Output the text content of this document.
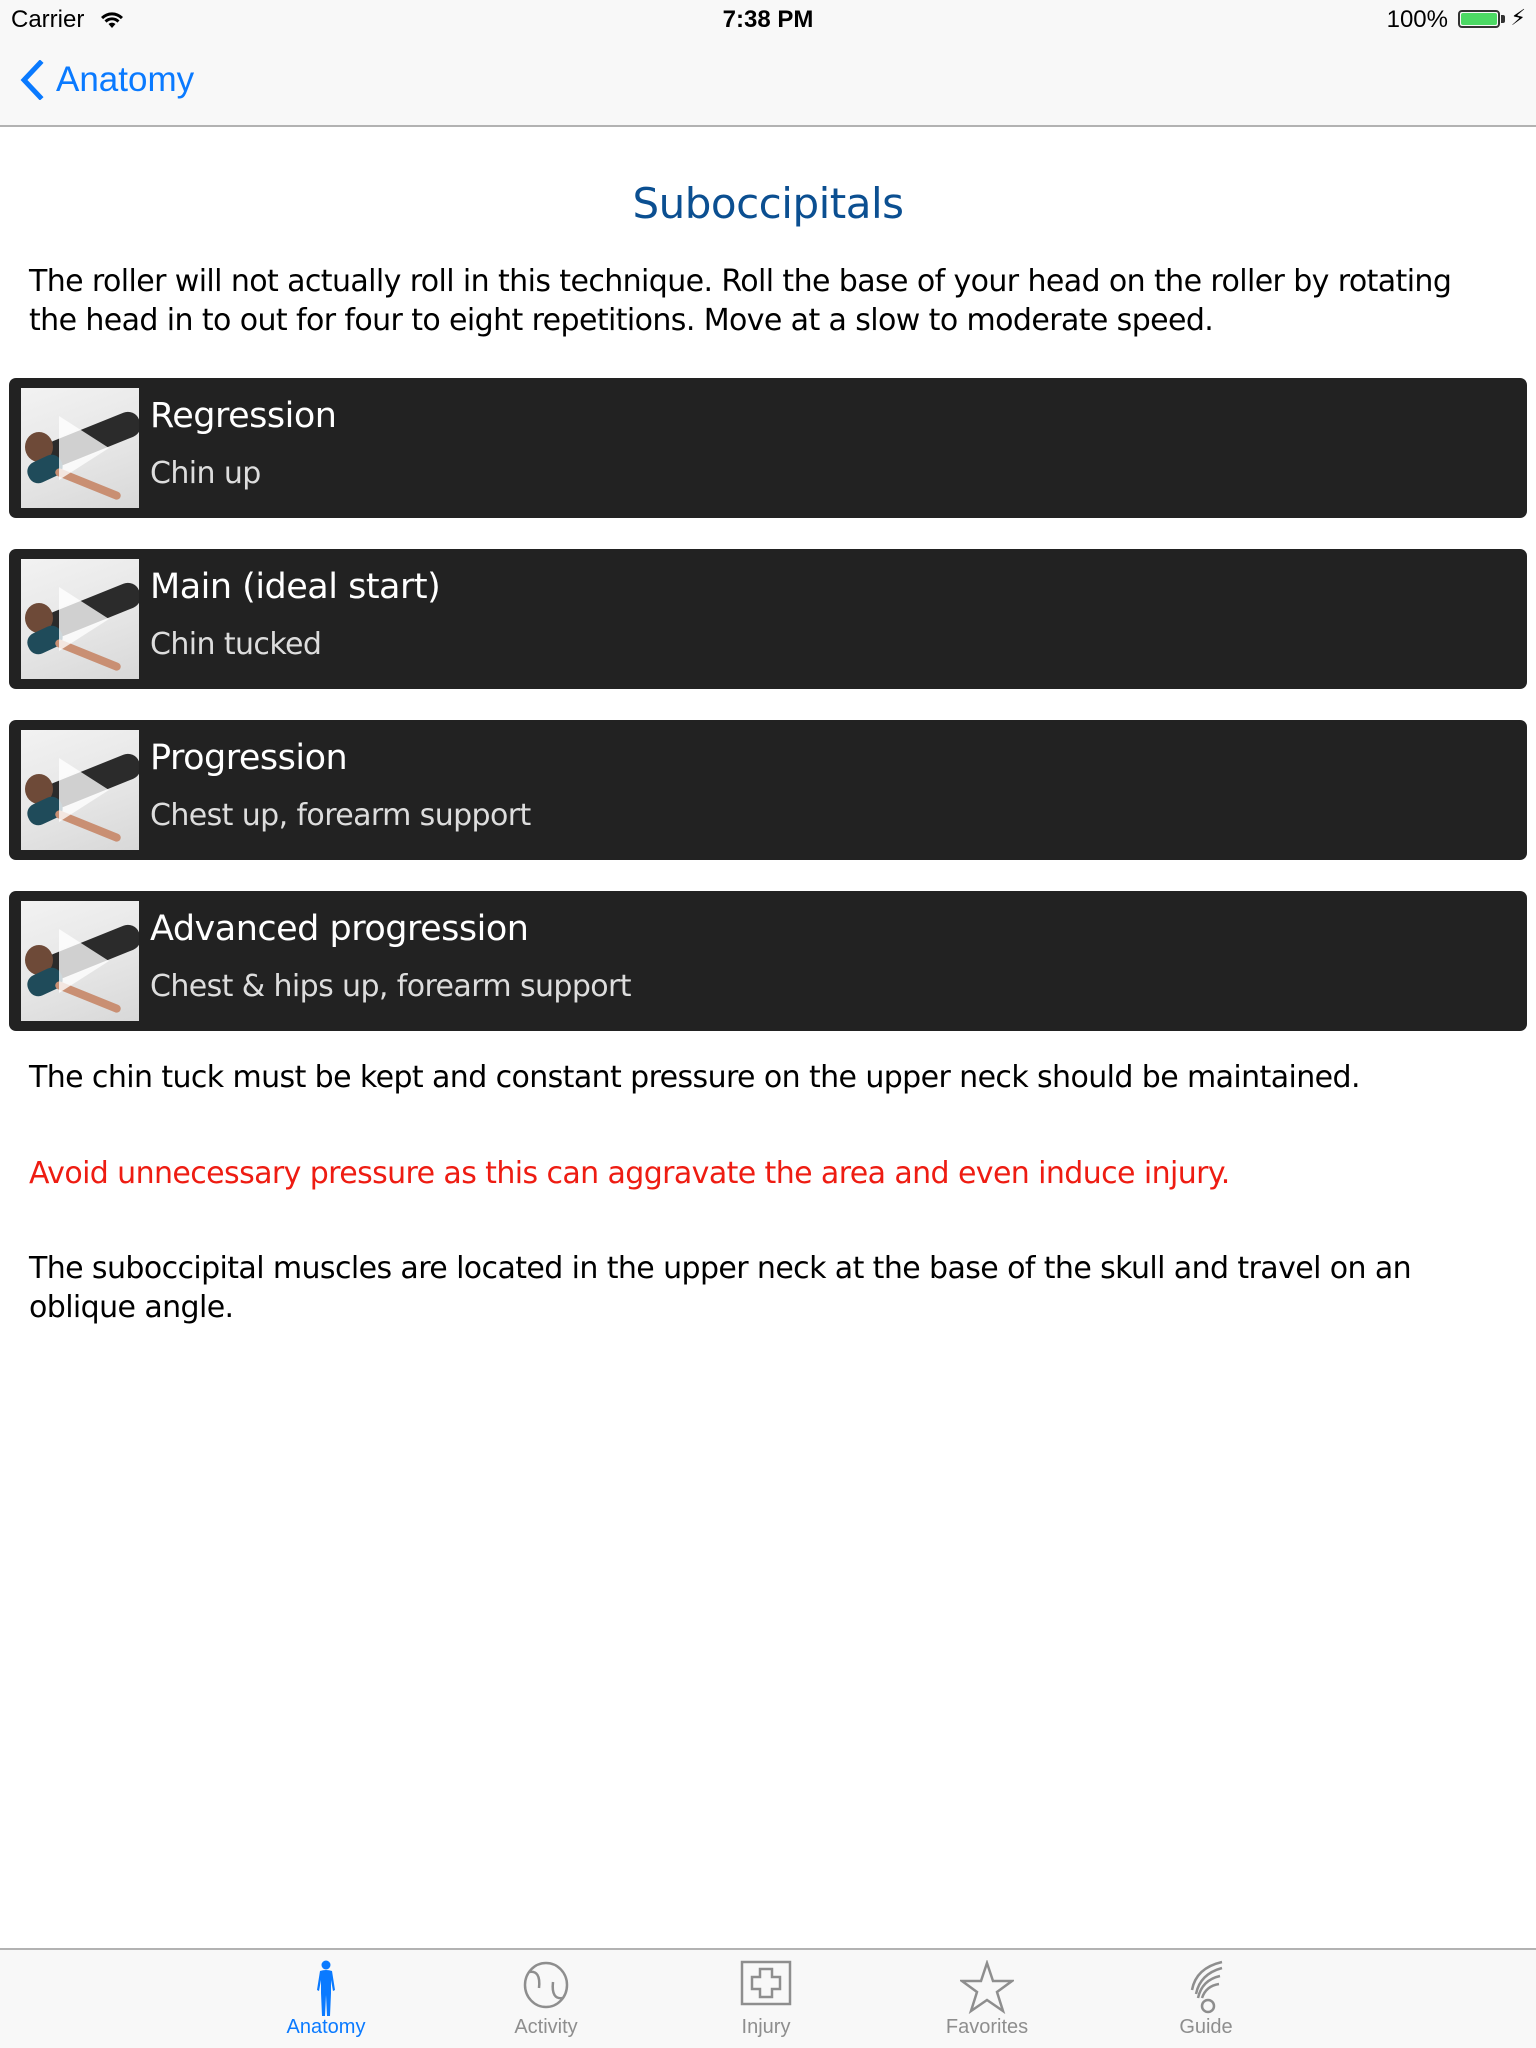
Carrier	7:38 PM	100%	⚡︎
Anatomy
Suboccipitals

The roller will not actually roll in this technique. Roll the base of your head on the roller by rotating the head in to out for four to eight repetitions. Move at a slow to moderate speed.

Regression
Chin up
Main (ideal start)
Chin tucked
Progression
Chest up, forearm support
Advanced progression
Chest & hips up, forearm support

The chin tuck must be kept and constant pressure on the upper neck should be maintained.

Avoid unnecessary pressure as this can aggravate the area and even induce injury.

The suboccipital muscles are located in the upper neck at the base of the skull and travel on an oblique angle.

Anatomy	Activity	Injury	Favorites	Guide
